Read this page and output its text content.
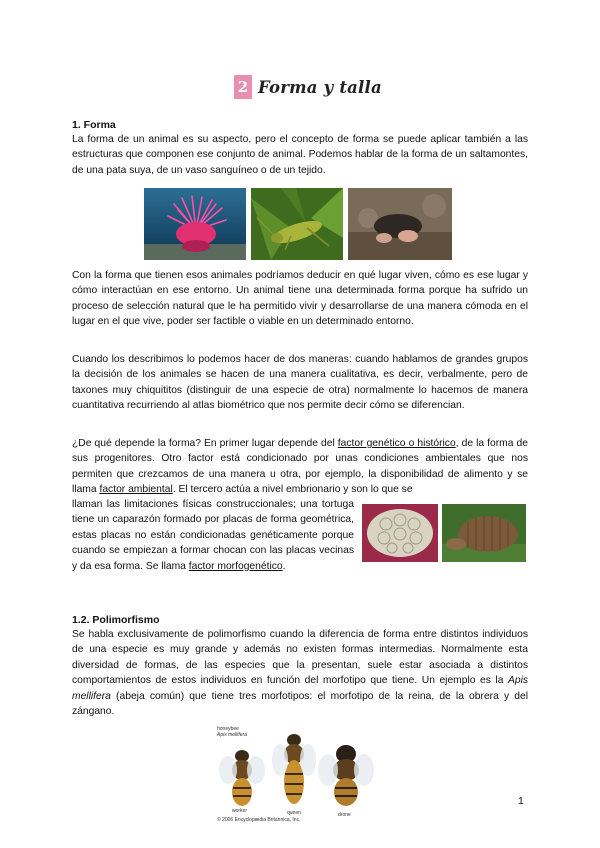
2 Forma y talla
1. Forma
La forma de un animal es su aspecto, pero el concepto de forma se puede aplicar también a las estructuras que componen ese conjunto de animal. Podemos hablar de la forma de un saltamontes, de una pata suya, de un vaso sanguíneo o de un tejido.
Con la forma que tienen esos animales podríamos deducir en qué lugar viven, cómo es ese lugar y cómo interactúan en ese entorno. Un animal tiene una determinada forma porque ha sufrido un proceso de selección natural que le ha permitido vivir y desarrollarse de una manera cómoda en el lugar en el que vive, poder ser factible o viable en un determinado entorno.
Cuando los describimos lo podemos hacer de dos maneras: cuando hablamos de grandes grupos la decisión de los animales se hacen de una manera cualitativa, es decir, verbalmente, pero de taxones muy chiquititos (distinguir de una especie de otra) normalmente lo hacemos de manera cuantitativa recurriendo al atlas biométrico que nos permite decir cómo se diferencian.
¿De qué depende la forma? En primer lugar depende del factor genético o histórico, de la forma de sus progenitores. Otro factor está condicionado por unas condiciones ambientales que nos permiten que crezcamos de una manera u otra, por ejemplo, la disponibilidad de alimento y se llama factor ambiental. El tercero actúa a nivel embrionario y son lo que se
llaman las limitaciones físicas construccionales; una tortuga tiene un caparazón formado por placas de forma geométrica, estas placas no están condicionadas genéticamente porque cuando se empiezan a formar chocan con las placas vecinas y da esa forma. Se llama factor morfogenético.
1.2. Polimorfismo
Se habla exclusivamente de polimorfismo cuando la diferencia de forma entre distintos individuos de una especie es muy grande y además no existen formas intermedias. Normalmente esta diversidad de formas, de las especies que la presentan, suele estar asociada a distintos comportamientos de estos individuos en función del morfotipo que tiene. Un ejemplo es la Apis mellifera (abeja común) que tiene tres morfotipos: el morfotipo de la reina, de la obrera y del zángano.
honeybee
Apis mellifera
worker	queen	drone
© 2006 Encyclopædia Britannica, Inc.
1
